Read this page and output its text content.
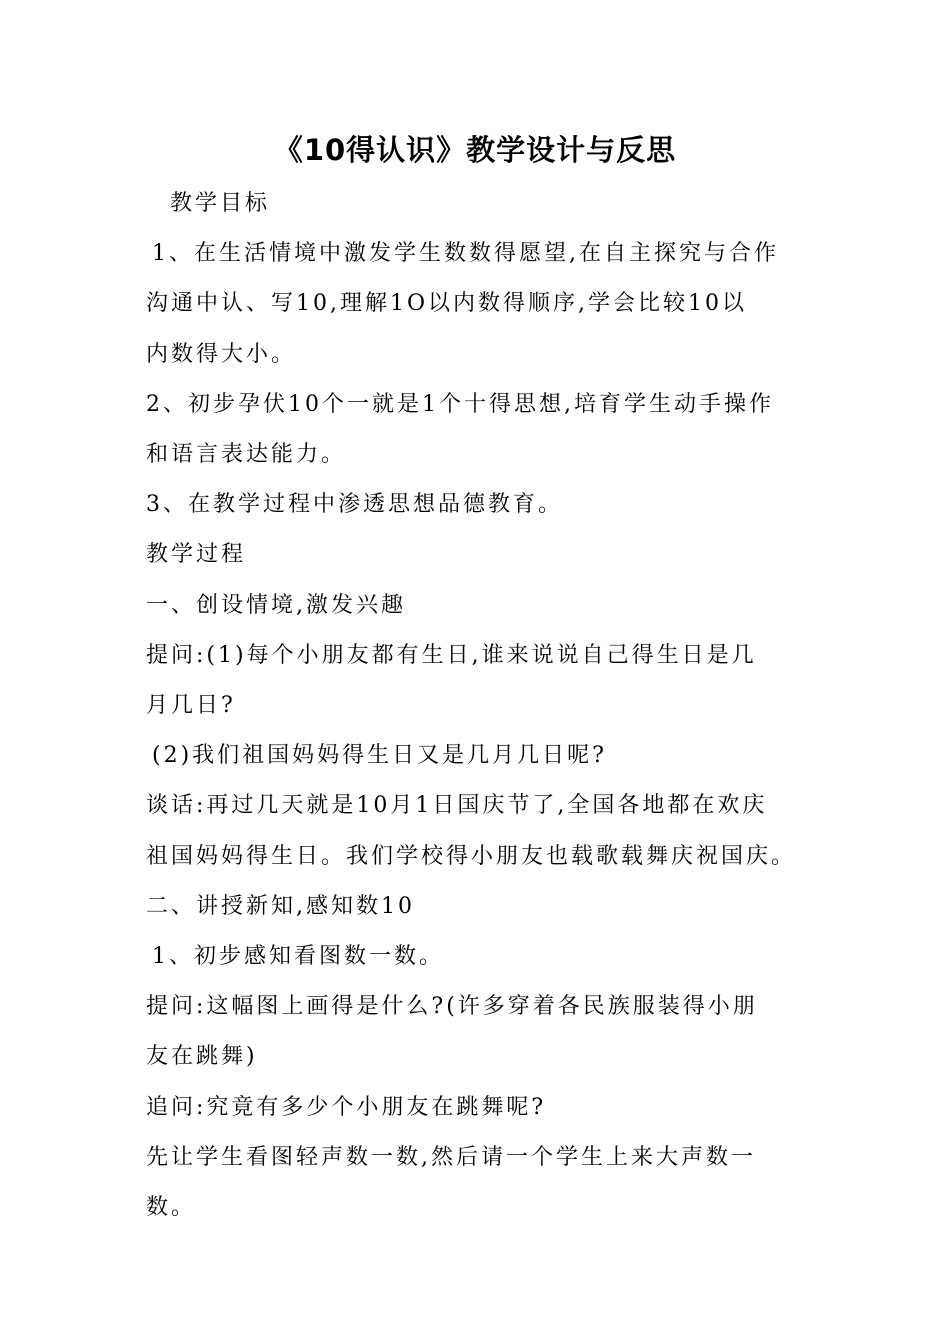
《10得认识》教学设计与反思

教学目标

1、在生活情境中激发学生数数得愿望,在自主探究与合作

沟通中认、写10,理解1O以内数得顺序,学会比较10以

内数得大小。

2、初步孕伏10个一就是1个十得思想,培育学生动手操作

和语言表达能力。

3、在教学过程中渗透思想品德教育。

教学过程

一、创设情境,激发兴趣

提问:(1)每个小朋友都有生日,谁来说说自己得生日是几

月几日?

(2)我们祖国妈妈得生日又是几月几日呢?

谈话:再过几天就是10月1日国庆节了,全国各地都在欢庆

祖国妈妈得生日。我们学校得小朋友也载歌载舞庆祝国庆。

二、讲授新知,感知数10

1、初步感知看图数一数。

提问:这幅图上画得是什么?(许多穿着各民族服装得小朋

友在跳舞)

追问:究竟有多少个小朋友在跳舞呢?

先让学生看图轻声数一数,然后请一个学生上来大声数一

数。
